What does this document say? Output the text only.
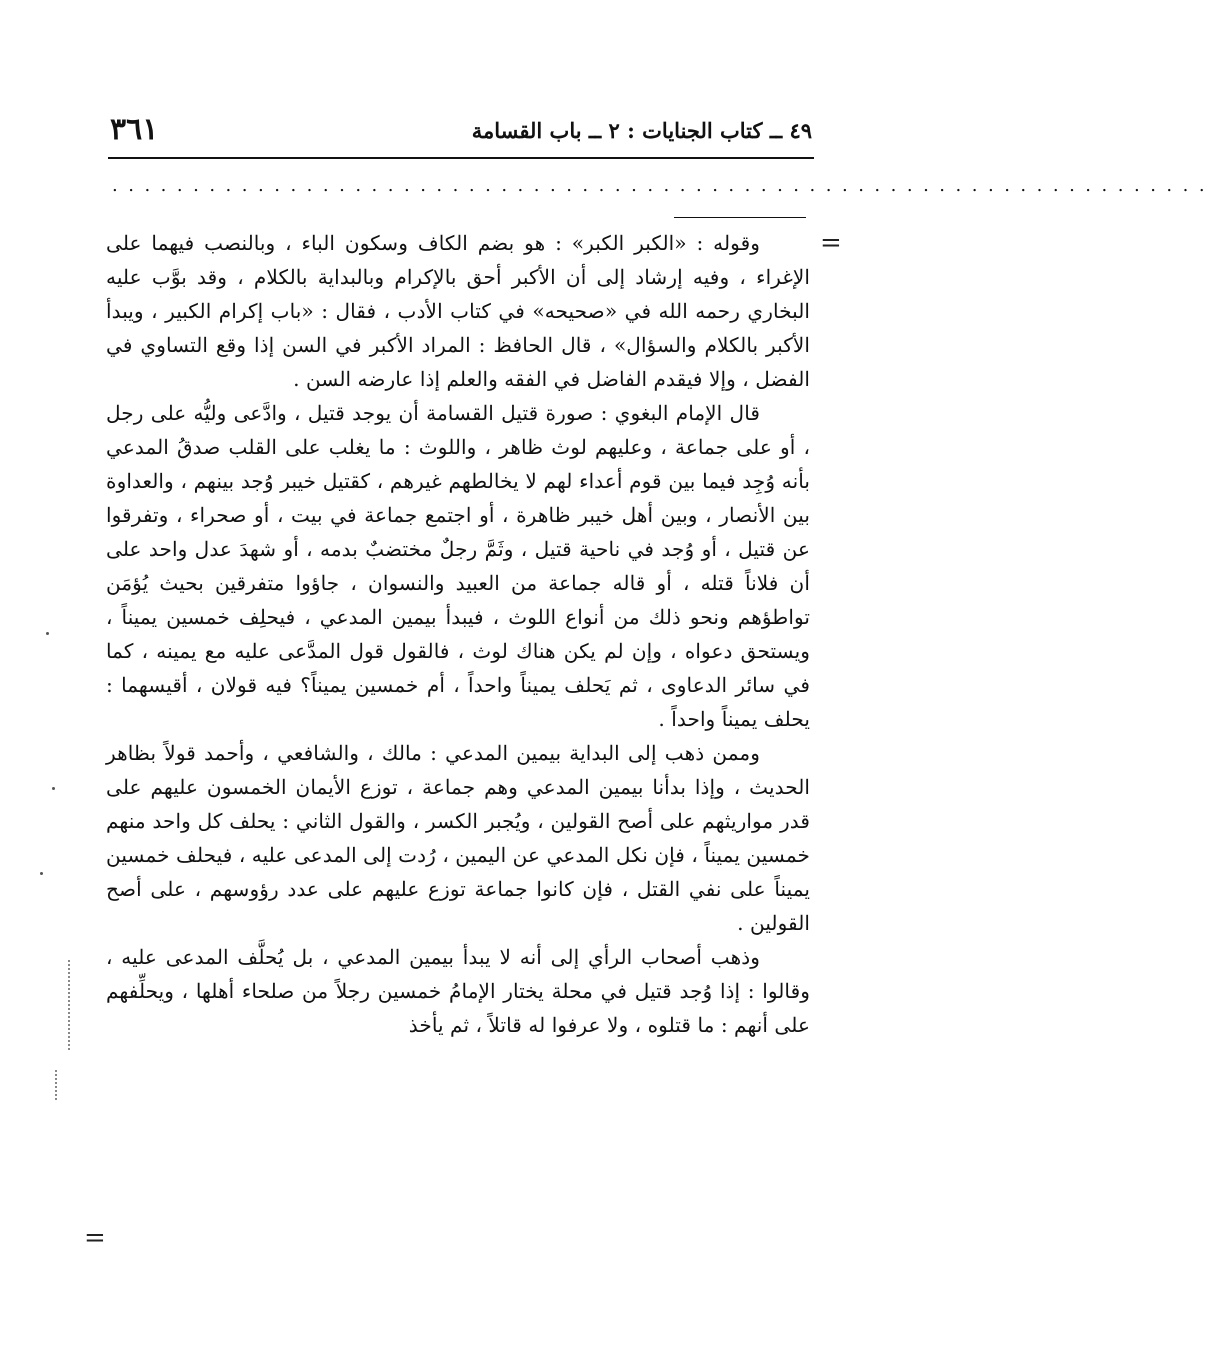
٤٩ ــ كتاب الجنايات : ٢ ــ باب القسامة
٣٦١
....................................................................
=
=

وقوله : «الكبر الكبر» : هو بضم الكاف وسكون الباء ، وبالنصب فيهما على الإغراء ، وفيه إرشاد إلى أن الأكبر أحق بالإكرام وبالبداية بالكلام ، وقد بوَّب عليه البخاري رحمه الله في «صحيحه» في كتاب الأدب ، فقال : «باب إكرام الكبير ، ويبدأ الأكبر بالكلام والسؤال» ، قال الحافظ : المراد الأكبر في السن إذا وقع التساوي في الفضل ، وإلا فيقدم الفاضل في الفقه والعلم إذا عارضه السن .

قال الإمام البغوي : صورة قتيل القسامة أن يوجد قتيل ، وادَّعى وليُّه على رجل ، أو على جماعة ، وعليهم لوث ظاهر ، واللوث : ما يغلب على القلب صدقُ المدعي بأنه وُجِد فيما بين قوم أعداء لهم لا يخالطهم غيرهم ، كقتيل خيبر وُجد بينهم ، والعداوة بين الأنصار ، وبين أهل خيبر ظاهرة ، أو اجتمع جماعة في بيت ، أو صحراء ، وتفرقوا عن قتيل ، أو وُجد في ناحية قتيل ، وثَمَّ رجلٌ مختضبٌ بدمه ، أو شهدَ عدل واحد على أن فلاناً قتله ، أو قاله جماعة من العبيد والنسوان ، جاؤوا متفرقين بحيث يُؤمَن تواطؤهم ونحو ذلك من أنواع اللوث ، فيبدأ بيمين المدعي ، فيحلِف خمسين يميناً ، ويستحق دعواه ، وإن لم يكن هناك لوث ، فالقول قول المدَّعى عليه مع يمينه ، كما في سائر الدعاوى ، ثم يَحلف يميناً واحداً ، أم خمسين يميناً؟ فيه قولان ، أقيسهما : يحلف يميناً واحداً .

وممن ذهب إلى البداية بيمين المدعي : مالك ، والشافعي ، وأحمد قولاً بظاهر الحديث ، وإذا بدأنا بيمين المدعي وهم جماعة ، توزع الأيمان الخمسون عليهم على قدر مواريثهم على أصح القولين ، ويُجبر الكسر ، والقول الثاني : يحلف كل واحد منهم خمسين يميناً ، فإن نكل المدعي عن اليمين ، رُدت إلى المدعى عليه ، فيحلف خمسين يميناً على نفي القتل ، فإن كانوا جماعة توزع عليهم على عدد رؤوسهم ، على أصح القولين .

وذهب أصحاب الرأي إلى أنه لا يبدأ بيمين المدعي ، بل يُحلَّف المدعى عليه ، وقالوا : إذا وُجد قتيل في محلة يختار الإمامُ خمسين رجلاً من صلحاء أهلها ، ويحلِّفهم على أنهم : ما قتلوه ، ولا عرفوا له قاتلاً ، ثم يأخذ
